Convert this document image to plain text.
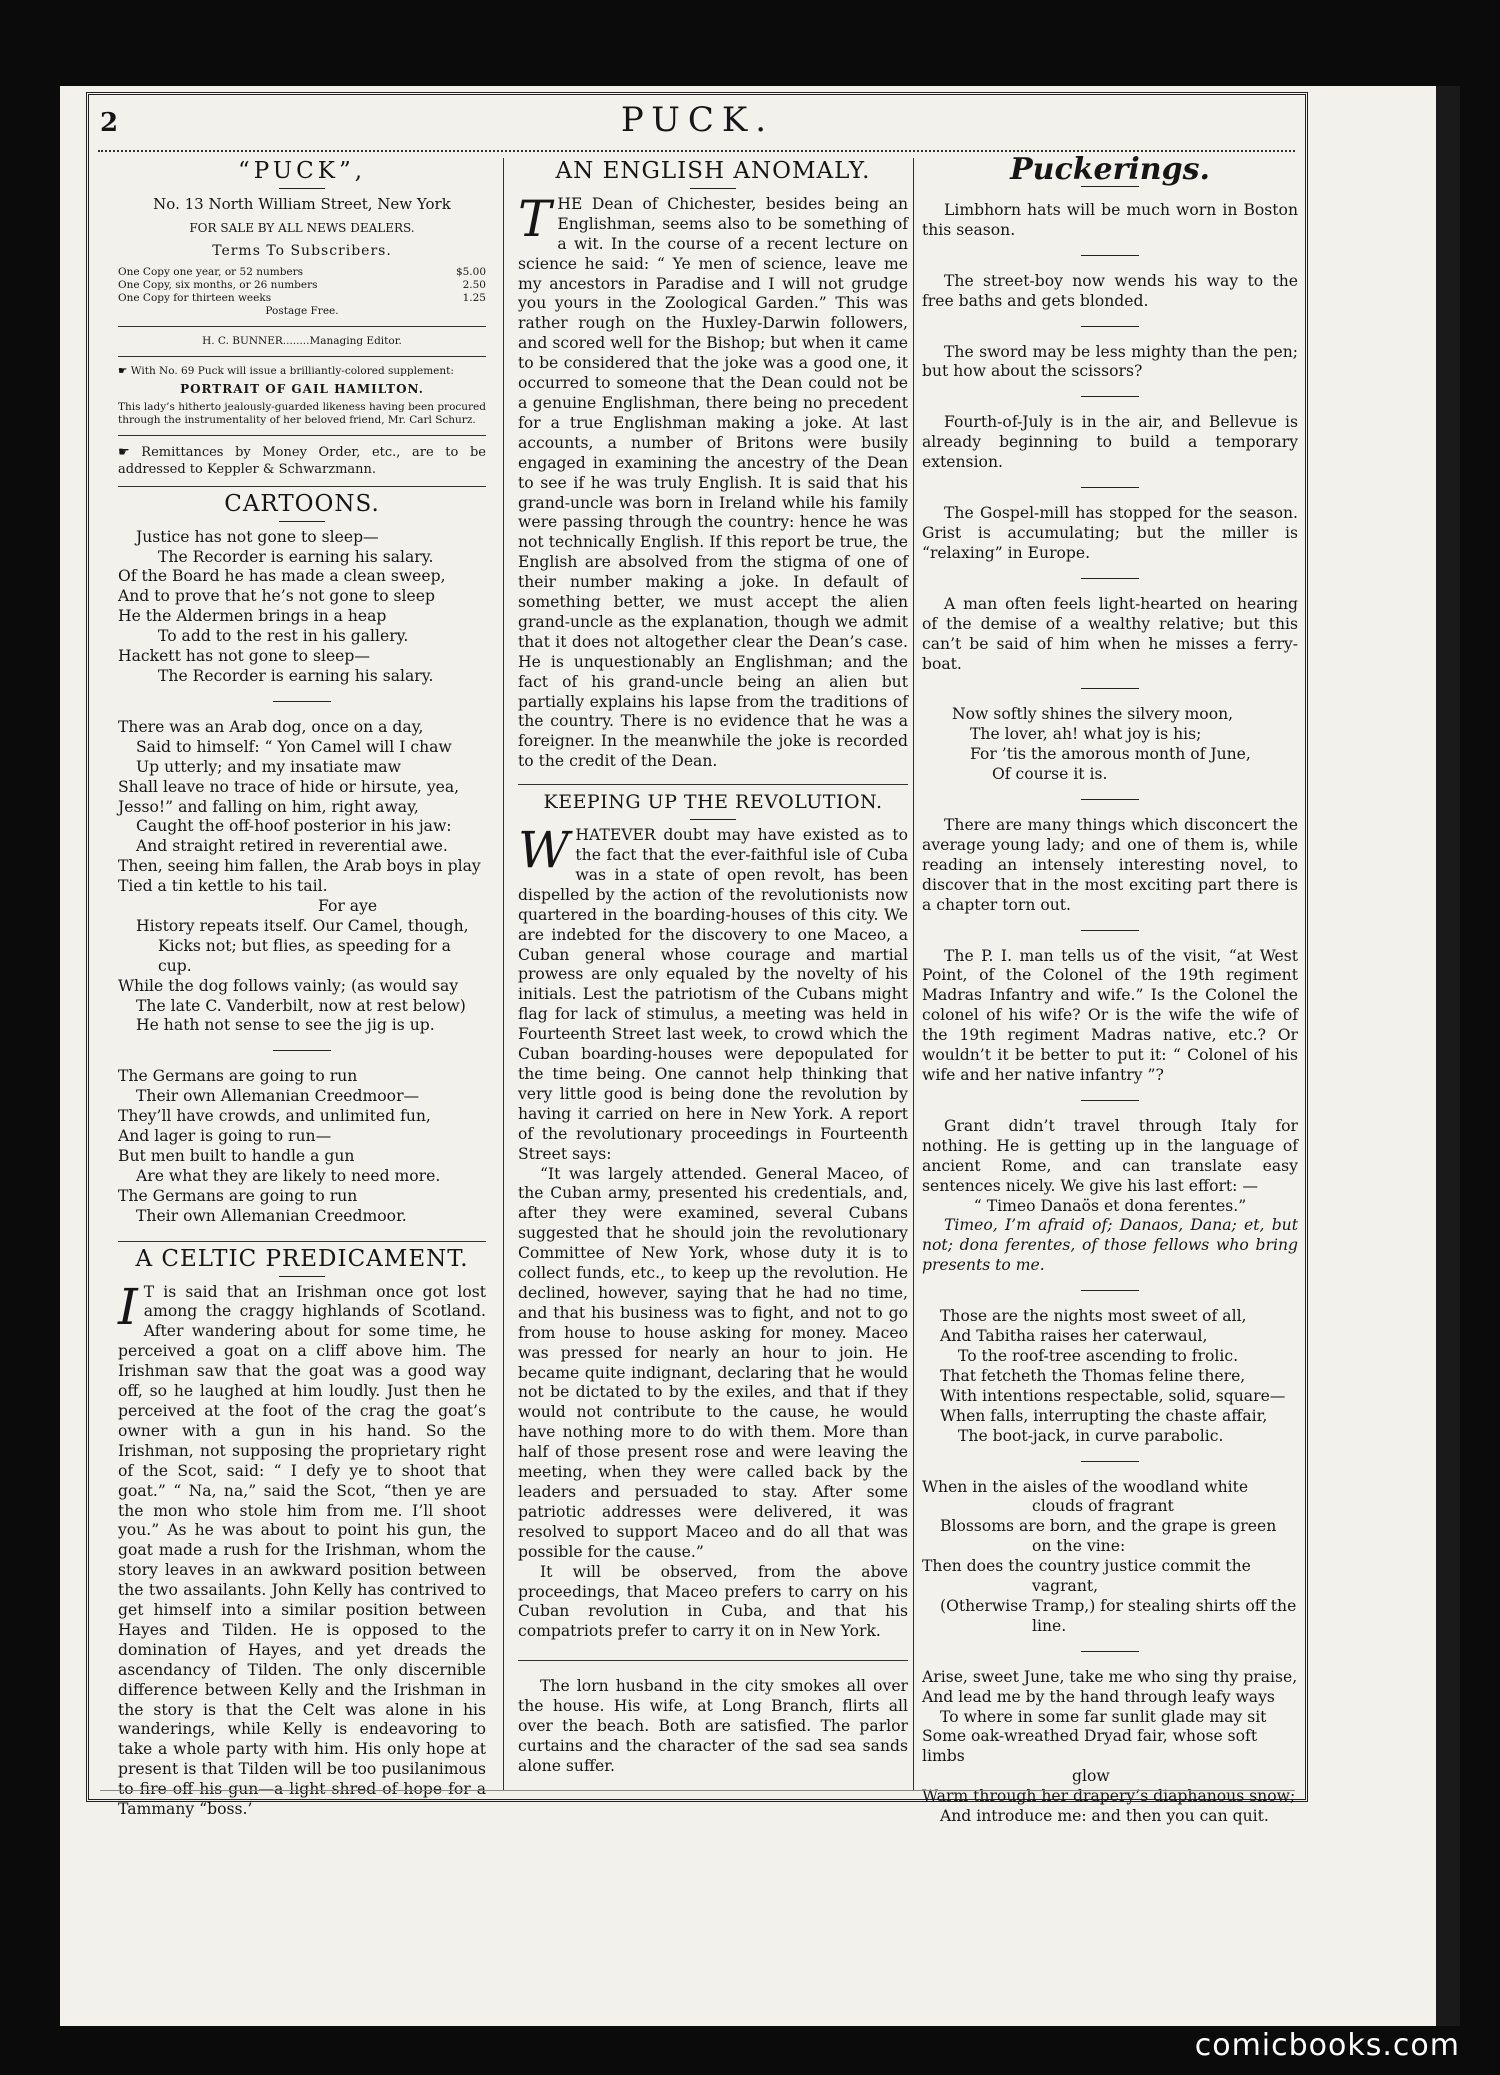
2	PUCK.
“PUCK”,
No. 13 North William Street, New York
FOR SALE BY ALL NEWS DEALERS.
Terms To Subscribers.
One Copy one year, or 52 numbers	$5.00
One Copy, six months, or 26 numbers	2.50
One Copy for thirteen weeks	1.25
Postage Free.
H. C. BUNNER........Managing Editor.
☛ With No. 69 Puck will issue a brilliantly-colored supplement:
PORTRAIT OF GAIL HAMILTON.
This lady’s hitherto jealously-guarded likeness having been procured through the instrumentality of her beloved friend, Mr. Carl Schurz.
☛ Remittances by Money Order, etc., are to be addressed to Keppler & Schwarzmann.
CARTOONS.
Justice has not gone to sleep—
The Recorder is earning his salary.
Of the Board he has made a clean sweep,
And to prove that he’s not gone to sleep
He the Aldermen brings in a heap
To add to the rest in his gallery.
Hackett has not gone to sleep—
The Recorder is earning his salary.
There was an Arab dog, once on a day,
Said to himself: “ Yon Camel will I chaw
Up utterly; and my insatiate maw
Shall leave no trace of hide or hirsute, yea,
Jesso!” and falling on him, right away,
Caught the off-hoof posterior in his jaw:
And straight retired in reverential awe.
Then, seeing him fallen, the Arab boys in play
Tied a tin kettle to his tail.
For aye
History repeats itself. Our Camel, though,
Kicks not; but flies, as speeding for a cup.
While the dog follows vainly; (as would say
The late C. Vanderbilt, now at rest below)
He hath not sense to see the jig is up.
The Germans are going to run
Their own Allemanian Creedmoor—
They’ll have crowds, and unlimited fun,
And lager is going to run—
But men built to handle a gun
Are what they are likely to need more.
The Germans are going to run
Their own Allemanian Creedmoor.
A CELTIC PREDICAMENT.
I T is said that an Irishman once got lost among the craggy highlands of Scotland. After wandering about for some time, he perceived a goat on a cliff above him. The Irishman saw that the goat was a good way off, so he laughed at him loudly. Just then he perceived at the foot of the crag the goat’s owner with a gun in his hand. So the Irishman, not supposing the proprietary right of the Scot, said: “ I defy ye to shoot that goat.” “ Na, na,” said the Scot, “then ye are the mon who stole him from me. I’ll shoot you.” As he was about to point his gun, the goat made a rush for the Irishman, whom the story leaves in an awkward position between the two assailants. John Kelly has contrived to get himself into a similar position between Hayes and Tilden. He is opposed to the domination of Hayes, and yet dreads the ascendancy of Tilden. The only discernible difference between Kelly and the Irishman in the story is that the Celt was alone in his wanderings, while Kelly is endeavoring to take a whole party with him. His only hope at present is that Tilden will be too pusilanimous to fire off his gun—a light shred of hope for a Tammany “boss.’
AN ENGLISH ANOMALY.
T HE Dean of Chichester, besides being an Englishman, seems also to be something of a wit. In the course of a recent lecture on science he said: “ Ye men of science, leave me my ancestors in Paradise and I will not grudge you yours in the Zoological Garden.” This was rather rough on the Huxley-Darwin followers, and scored well for the Bishop; but when it came to be considered that the joke was a good one, it occurred to someone that the Dean could not be a genuine Englishman, there being no precedent for a true Englishman making a joke. At last accounts, a number of Britons were busily engaged in examining the ancestry of the Dean to see if he was truly English. It is said that his grand-uncle was born in Ireland while his family were passing through the country: hence he was not technically English. If this report be true, the English are absolved from the stigma of one of their number making a joke. In default of something better, we must accept the alien grand-uncle as the explanation, though we admit that it does not altogether clear the Dean’s case. He is unquestionably an Englishman; and the fact of his grand-uncle being an alien but partially explains his lapse from the traditions of the country. There is no evidence that he was a foreigner. In the meanwhile the joke is recorded to the credit of the Dean.
KEEPING UP THE REVOLUTION.
W HATEVER doubt may have existed as to the fact that the ever-faithful isle of Cuba was in a state of open revolt, has been dispelled by the action of the revolutionists now quartered in the boarding-houses of this city. We are indebted for the discovery to one Maceo, a Cuban general whose courage and martial prowess are only equaled by the novelty of his initials. Lest the patriotism of the Cubans might flag for lack of stimulus, a meeting was held in Fourteenth Street last week, to crowd which the Cuban boarding-houses were depopulated for the time being. One cannot help thinking that very little good is being done the revolution by having it carried on here in New York. A report of the revolutionary proceedings in Fourteenth Street says:
“It was largely attended. General Maceo, of the Cuban army, presented his credentials, and, after they were examined, several Cubans suggested that he should join the revolutionary Committee of New York, whose duty it is to collect funds, etc., to keep up the revolution. He declined, however, saying that he had no time, and that his business was to fight, and not to go from house to house asking for money. Maceo was pressed for nearly an hour to join. He became quite indignant, declaring that he would not be dictated to by the exiles, and that if they would not contribute to the cause, he would have nothing more to do with them. More than half of those present rose and were leaving the meeting, when they were called back by the leaders and persuaded to stay. After some patriotic addresses were delivered, it was resolved to support Maceo and do all that was possible for the cause.”
It will be observed, from the above proceedings, that Maceo prefers to carry on his Cuban revolution in Cuba, and that his compatriots prefer to carry it on in New York.
The lorn husband in the city smokes all over the house. His wife, at Long Branch, flirts all over the beach. Both are satisfied. The parlor curtains and the character of the sad sea sands alone suffer.
Puckerings.
Limbhorn hats will be much worn in Boston this season.
The street-boy now wends his way to the free baths and gets blonded.
The sword may be less mighty than the pen; but how about the scissors?
Fourth-of-July is in the air, and Bellevue is already beginning to build a temporary extension.
The Gospel-mill has stopped for the season. Grist is accumulating; but the miller is “relaxing” in Europe.
A man often feels light-hearted on hearing of the demise of a wealthy relative; but this can’t be said of him when he misses a ferry-boat.
Now softly shines the silvery moon,
The lover, ah! what joy is his;
For ’tis the amorous month of June,
Of course it is.
There are many things which disconcert the average young lady; and one of them is, while reading an intensely interesting novel, to discover that in the most exciting part there is a chapter torn out.
The P. I. man tells us of the visit, “at West Point, of the Colonel of the 19th regiment Madras Infantry and wife.” Is the Colonel the colonel of his wife? Or is the wife the wife of the 19th regiment Madras native, etc.? Or wouldn’t it be better to put it: “ Colonel of his wife and her native infantry ”?
Grant didn’t travel through Italy for nothing. He is getting up in the language of ancient Rome, and can translate easy sentences nicely. We give his last effort: —
“ Timeo Danaös et dona ferentes.”
Timeo, I’m afraid of; Danaos, Dana; et, but not; dona ferentes, of those fellows who bring presents to me.
Those are the nights most sweet of all,
And Tabitha raises her caterwaul,
To the roof-tree ascending to frolic.
That fetcheth the Thomas feline there,
With intentions respectable, solid, square—
When falls, interrupting the chaste affair,
The boot-jack, in curve parabolic.
When in the aisles of the woodland white
clouds of fragrant
Blossoms are born, and the grape is green
on the vine:
Then does the country justice commit the
vagrant,
(Otherwise Tramp,) for stealing shirts off the
line.
Arise, sweet June, take me who sing thy praise,
And lead me by the hand through leafy ways
To where in some far sunlit glade may sit
Some oak-wreathed Dryad fair, whose soft limbs
glow
Warm through her drapery’s diaphanous snow;
And introduce me: and then you can quit.
comicbooks.com
